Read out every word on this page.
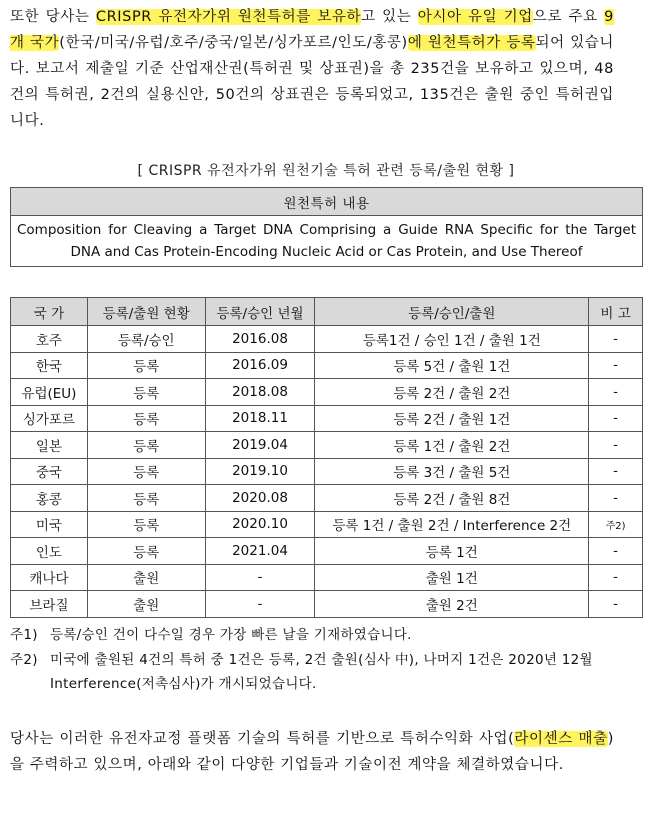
또한 당사는 CRISPR 유전자가위 원천특허를 보유하고 있는 아시아 유일 기업으로 주요 9개 국가(한국/미국/유럽/호주/중국/일본/싱가포르/인도/홍콩)에 원천특허가 등록되어 있습니다. 보고서 제출일 기준 산업재산권(특허권 및 상표권)을 총 235건을 보유하고 있으며, 48건의 특허권, 2건의 실용신안, 50건의 상표권은 등록되었고, 135건은 출원 중인 특허권입니다.
[ CRISPR 유전자가위 원천기술 특허 관련 등록/출원 현황 ]
원천특허 내용
Composition for Cleaving a Target DNA Comprising a Guide RNA Specific for the Target DNA and Cas Protein-Encoding Nucleic Acid or Cas Protein, and Use Thereof
국 가	등록/출원 현황	등록/승인 년월	등록/승인/출원	비 고
호주	등록/승인	2016.08	등록1건 / 승인 1건 / 출원 1건	-
한국	등록	2016.09	등록 5건 / 출원 1건	-
유럽(EU)	등록	2018.08	등록 2건 / 출원 2건	-
싱가포르	등록	2018.11	등록 2건 / 출원 1건	-
일본	등록	2019.04	등록 1건 / 출원 2건	-
중국	등록	2019.10	등록 3건 / 출원 5건	-
홍콩	등록	2020.08	등록 2건 / 출원 8건	-
미국	등록	2020.10	등록 1건 / 출원 2건 / Interference 2건	주2)
인도	등록	2021.04	등록 1건	-
캐나다	출원	-	출원 1건	-
브라질	출원	-	출원 2건	-
주1) 등록/승인 건이 다수일 경우 가장 빠른 날을 기재하였습니다.
주2) 미국에 출원된 4건의 특허 중 1건은 등록, 2건 출원(심사 中), 나머지 1건은 2020년 12월 Interference(저촉심사)가 개시되었습니다.
당사는 이러한 유전자교정 플랫폼 기술의 특허를 기반으로 특허수익화 사업(라이센스 매출)을 주력하고 있으며, 아래와 같이 다양한 기업들과 기술이전 계약을 체결하였습니다.
